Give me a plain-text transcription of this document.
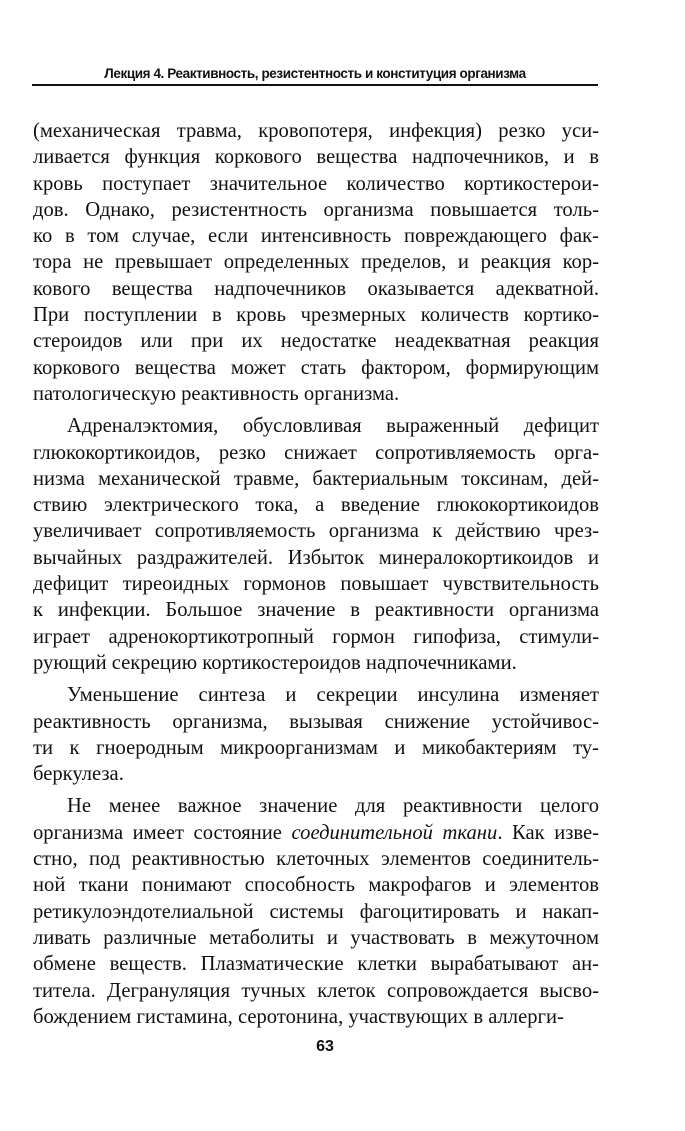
Лекция 4. Реактивность, резистентность и конституция организма
(механическая травма, кровопотеря, инфекция) резко уси-
ливается функция коркового вещества надпочечников, и в
кровь поступает значительное количество кортикостерои-
дов. Однако, резистентность организма повышается толь-
ко в том случае, если интенсивность повреждающего фак-
тора не превышает определенных пределов, и реакция кор-
кового вещества надпочечников оказывается адекватной.
При поступлении в кровь чрезмерных количеств кортико-
стероидов или при их недостатке неадекватная реакция
коркового вещества может стать фактором, формирующим
патологическую реактивность организма.
Адреналэктомия, обусловливая выраженный дефицит
глюкокортикоидов, резко снижает сопротивляемость орга-
низма механической травме, бактериальным токсинам, дей-
ствию электрического тока, а введение глюкокортикоидов
увеличивает сопротивляемость организма к действию чрез-
вычайных раздражителей. Избыток минералокортикоидов и
дефицит тиреоидных гормонов повышает чувствительность
к инфекции. Большое значение в реактивности организма
играет адренокортикотропный гормон гипофиза, стимули-
рующий секрецию кортикостероидов надпочечниками.
Уменьшение синтеза и секреции инсулина изменяет
реактивность организма, вызывая снижение устойчивос-
ти к гноеродным микроорганизмам и микобактериям ту-
беркулеза.
Не менее важное значение для реактивности целого
организма имеет состояние соединительной ткани. Как изве-
стно, под реактивностью клеточных элементов соединитель-
ной ткани понимают способность макрофагов и элементов
ретикулоэндотелиальной системы фагоцитировать и накап-
ливать различные метаболиты и участвовать в межуточном
обмене веществ. Плазматические клетки вырабатывают ан-
титела. Дегрануляция тучных клеток сопровождается высво-
бождением гистамина, серотонина, участвующих в аллерги-
63
